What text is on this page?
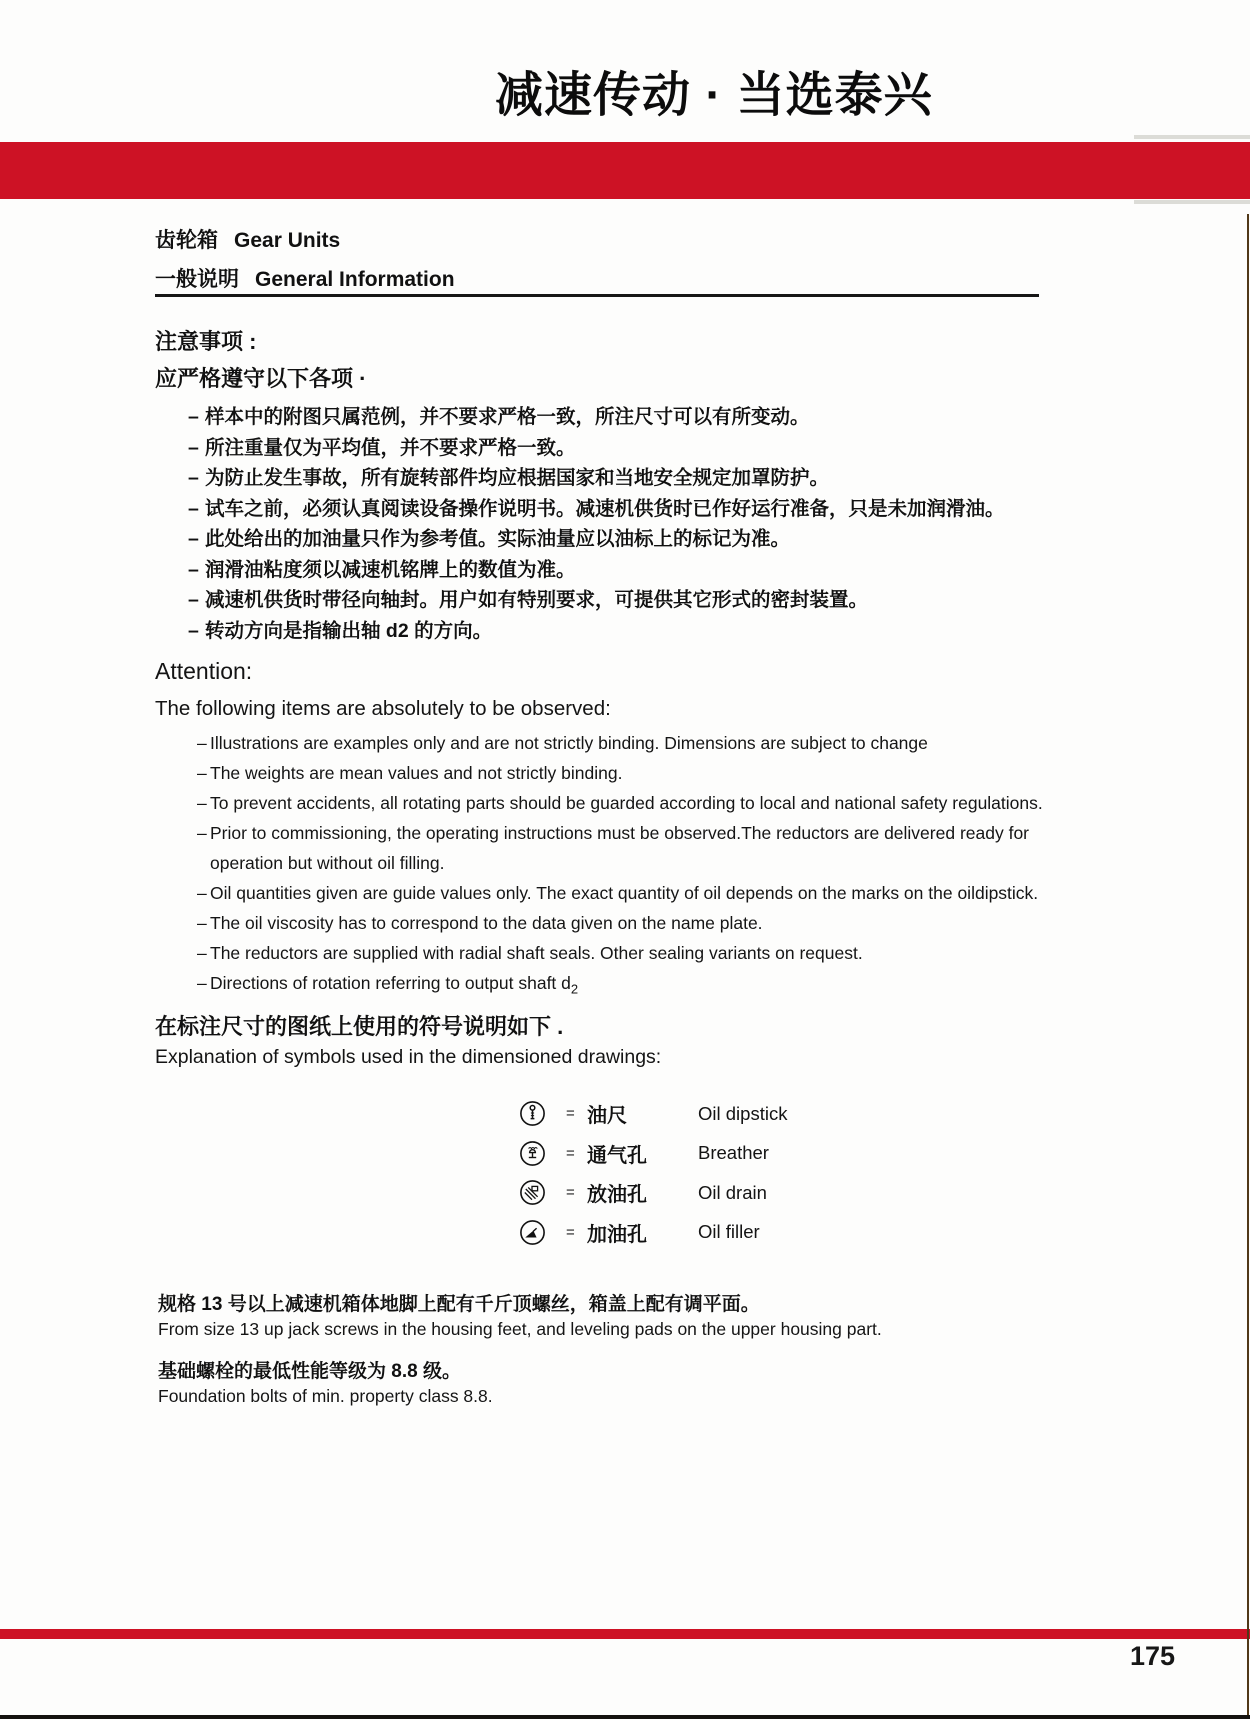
减速传动 · 当选泰兴
齿轮箱 Gear Units
一般说明 General Information
注意事项 :
应严格遵守以下各项 ·
– 样本中的附图只属范例，并不要求严格一致，所注尺寸可以有所变动。
– 所注重量仅为平均值，并不要求严格一致。
– 为防止发生事故，所有旋转部件均应根据国家和当地安全规定加罩防护。
– 试车之前，必须认真阅读设备操作说明书。减速机供货时已作好运行准备，只是未加润滑油。
– 此处给出的加油量只作为参考值。实际油量应以油标上的标记为准。
– 润滑油粘度须以减速机铭牌上的数值为准。
– 减速机供货时带径向轴封。用户如有特别要求，可提供其它形式的密封装置。
– 转动方向是指输出轴 d2 的方向。
Attention:
The following items are absolutely to be observed:
– Illustrations are examples only and are not strictly binding. Dimensions are subject to change
– The weights are mean values and not strictly binding.
– To prevent accidents, all rotating parts should be guarded according to local and national safety regulations.
– Prior to commissioning, the operating instructions must be observed.The reductors are delivered ready for
operation but without oil filling.
– Oil quantities given are guide values only. The exact quantity of oil depends on the marks on the oildipstick.
– The oil viscosity has to correspond to the data given on the name plate.
– The reductors are supplied with radial shaft seals. Other sealing variants on request.
– Directions of rotation referring to output shaft $d_2$
在标注尺寸的图纸上使用的符号说明如下 .
Explanation of symbols used in the dimensioned drawings:
= 油尺	Oil dipstick
= 通气孔	Breather
= 放油孔	Oil drain
= 加油孔	Oil filler
规格 13 号以上减速机箱体地脚上配有千斤顶螺丝，箱盖上配有调平面。
From size 13 up jack screws in the housing feet, and leveling pads on the upper housing part.
基础螺栓的最低性能等级为 8.8 级。
Foundation bolts of min. property class 8.8.
175
